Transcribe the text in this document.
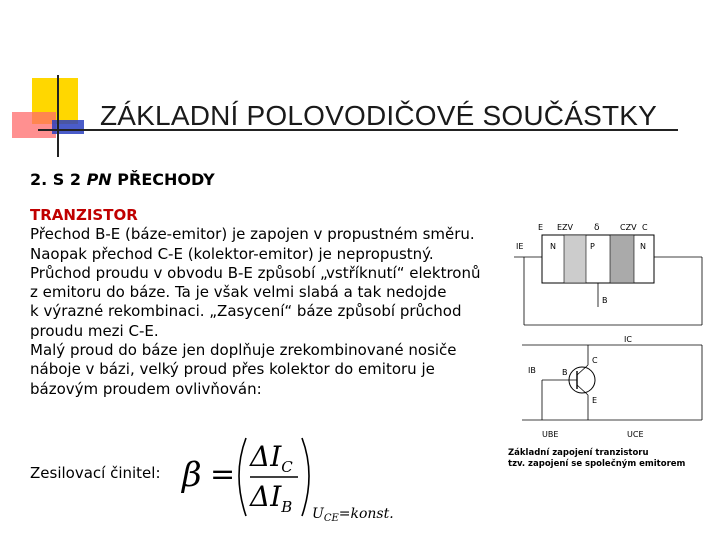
ZÁKLADNÍ POLOVODIČOVÉ SOUČÁSTKY
2. S 2 PN PŘECHODY
TRANZISTOR
Přechod B-E (báze-emitor) je zapojen v propustném směru.
Naopak přechod C-E (kolektor-emitor) je nepropustný.
Průchod proudu v obvodu B-E způsobí „vstříknutí“ elektronů
z emitoru do báze. Ta je však velmi slabá a tak nedojde
k výrazné rekombinaci. „Zasycení“ báze způsobí průchod
proudu mezi C-E.
Malý proud do báze jen doplňuje zrekombinované nosiče
náboje v bázi, velký proud přes kolektor do emitoru je
bázovým proudem ovlivňován:
Zesilovací činitel: β =
$\Delta I_C$
$\Delta I_B$ $U_{CE}=konst$.
E EZV δ	CZV C
N	P	N
IE
B
IC
IB	B
C
E
UBE	UCE
Základní zapojení tranzistoru
tzv. zapojení se společným emitorem
